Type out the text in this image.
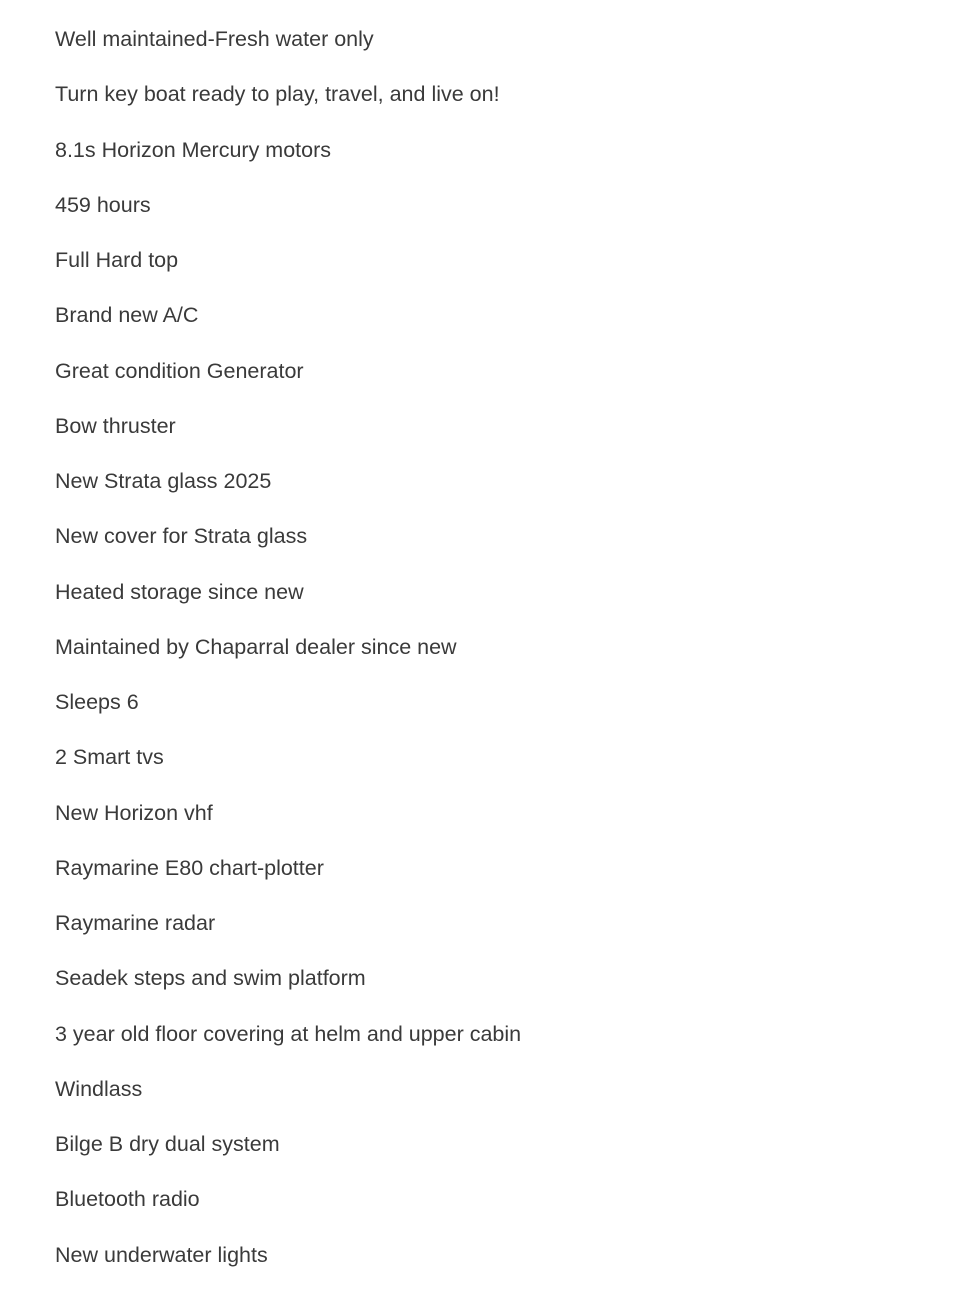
Well maintained-Fresh water only
Turn key boat ready to play, travel, and live on!
8.1s Horizon Mercury motors
459 hours
Full Hard top
Brand new A/C
Great condition Generator
Bow thruster
New Strata glass 2025
New cover for Strata glass
Heated storage since new
Maintained by Chaparral dealer since new
Sleeps 6
2 Smart tvs
New Horizon vhf
Raymarine E80 chart-plotter
Raymarine radar
Seadek steps and swim platform
3 year old floor covering at helm and upper cabin
Windlass
Bilge B dry dual system
Bluetooth radio
New underwater lights
